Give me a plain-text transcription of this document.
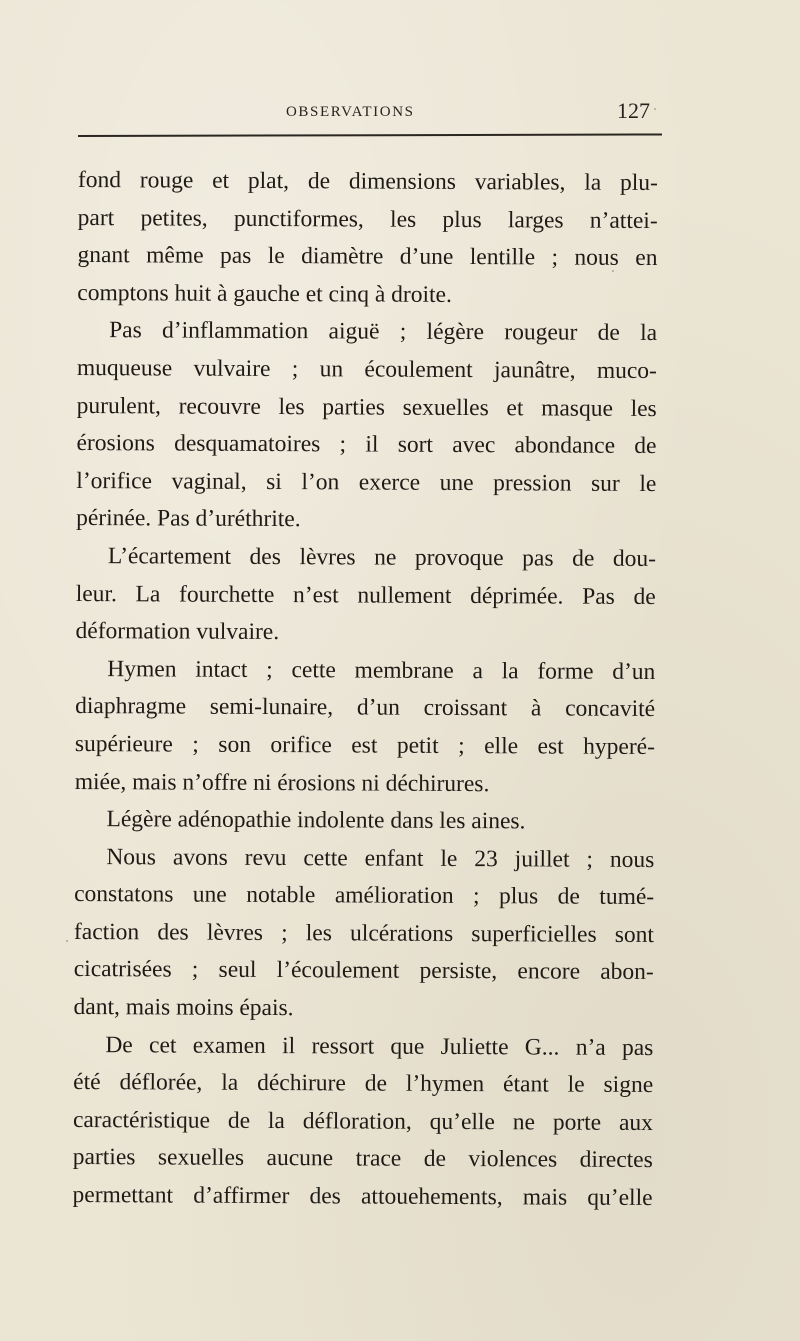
OBSERVATIONS	127
fond rouge et plat, de dimensions variables, la plu-
part petites, punctiformes, les plus larges n’attei-
gnant même pas le diamètre d’une lentille ; nous en
comptons huit à gauche et cinq à droite.
Pas d’inflammation aiguë ; légère rougeur de la
muqueuse vulvaire ; un écoulement jaunâtre, muco-
purulent, recouvre les parties sexuelles et masque les
érosions desquamatoires ; il sort avec abondance de
l’orifice vaginal, si l’on exerce une pression sur le
périnée. Pas d’uréthrite.
L’écartement des lèvres ne provoque pas de dou-
leur. La fourchette n’est nullement déprimée. Pas de
déformation vulvaire.
Hymen intact ; cette membrane a la forme d’un
diaphragme semi-lunaire, d’un croissant à concavité
supérieure ; son orifice est petit ; elle est hyperé-
miée, mais n’offre ni érosions ni déchirures.
Légère adénopathie indolente dans les aines.
Nous avons revu cette enfant le 23 juillet ; nous
constatons une notable amélioration ; plus de tumé-
faction des lèvres ; les ulcérations superficielles sont
cicatrisées ; seul l’écoulement persiste, encore abon-
dant, mais moins épais.
De cet examen il ressort que Juliette G... n’a pas
été déflorée, la déchirure de l’hymen étant le signe
caractéristique de la défloration, qu’elle ne porte aux
parties sexuelles aucune trace de violences directes
permettant d’affirmer des attouehements, mais qu’elle
